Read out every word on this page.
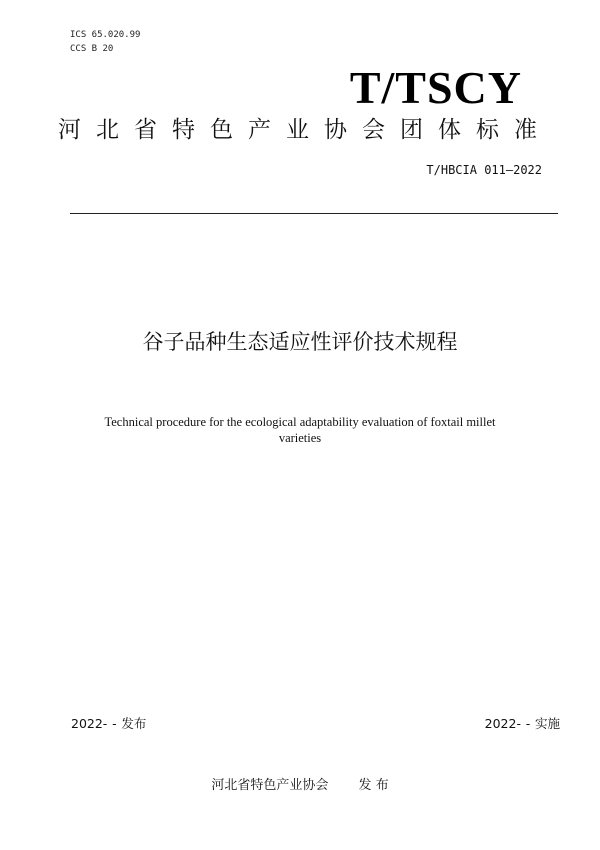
ICS 65.020.99
CCS B 20
T/TSCY
河北省特色产业协会团体标准
T/HBCIA 011—2022
谷子品种生态适应性评价技术规程
Technical procedure for the ecological adaptability evaluation of foxtail millet
varieties
2022- - 发布	2022- - 实施
河北省特色产业协会 发 布
